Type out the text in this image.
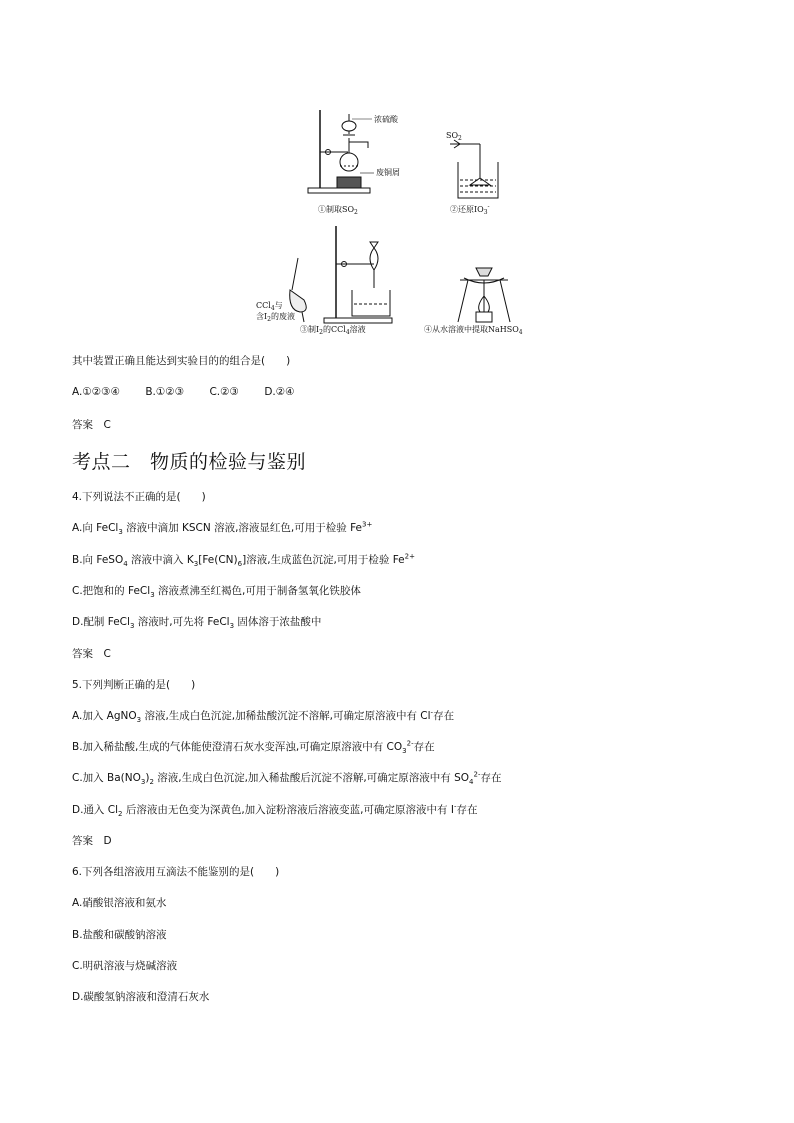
浓硫酸
废铜屑
①制取$SO_2$
$SO_2$
②还原$IO_3^-$
CCl$_4$与
含$I_2$的废液
③制$I_2$的CCl$_4$溶液	④从水溶液中提取NaHSO$_4$
其中装置正确且能达到实验目的的组合是(　　)
A.①②③④ B.①②③ C.②③ D.②④
答案　C
考点二　物质的检验与鉴别
4.下列说法不正确的是(　　)
A.向 FeCl$_3$ 溶液中滴加 KSCN 溶液,溶液显红色,可用于检验 $Fe^{3+}$
B.向 FeSO$_4$ 溶液中滴入 $K_3[Fe(CN)_6]$溶液,生成蓝色沉淀,可用于检验 $Fe^{2+}$
C.把饱和的 FeCl$_3$ 溶液煮沸至红褐色,可用于制备氢氧化铁胶体
D.配制 FeCl$_3$ 溶液时,可先将 FeCl$_3$ 固体溶于浓盐酸中
答案　C
5.下列判断正确的是(　　)
A.加入 AgNO$_3$ 溶液,生成白色沉淀,加稀盐酸沉淀不溶解,可确定原溶液中有 Cl-存在
B.加入稀盐酸,生成的气体能使澄清石灰水变浑浊,可确定原溶液中有 $CO_3^{2-}$存在
C.加入 $Ba(NO_3)_2$ 溶液,生成白色沉淀,加入稀盐酸后沉淀不溶解,可确定原溶液中有 $SO_4^{2-}$存在
D.通入 $Cl_2$ 后溶液由无色变为深黄色,加入淀粉溶液后溶液变蓝,可确定原溶液中有 I-存在
答案　D
6.下列各组溶液用互滴法不能鉴别的是(　　)
A.硝酸银溶液和氨水
B.盐酸和碳酸钠溶液
C.明矾溶液与烧碱溶液
D.碳酸氢钠溶液和澄清石灰水
